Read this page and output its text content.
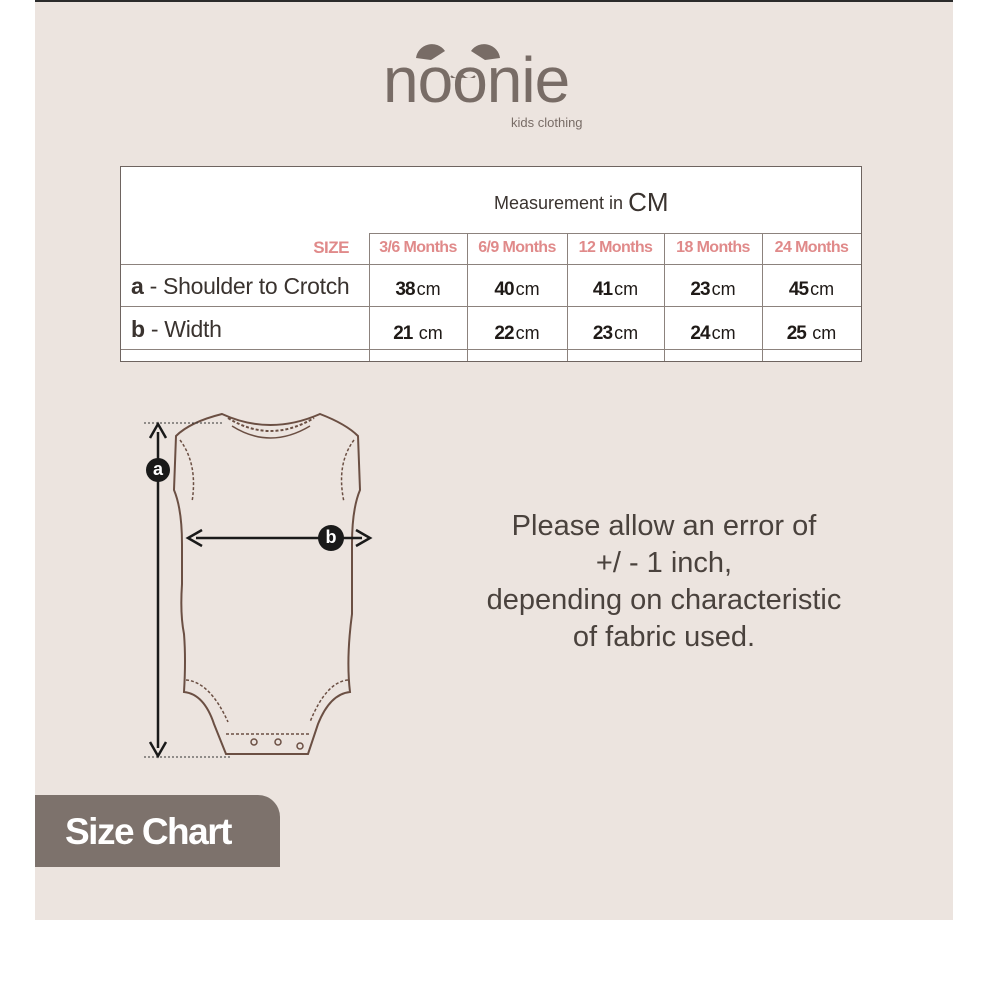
noonie
kids clothing
Measurement in CM
SIZE	3/6 Months	6/9 Months	12 Months	18 Months	24 Months
a - Shoulder to Crotch	38 cm	40 cm	41 cm	23 cm	45 cm
b - Width	21 cm	22 cm	23 cm	24 cm	25 cm
a
b	Please allow an error of
+/ - 1 inch,
depending on characteristic
of fabric used.
Size Chart
